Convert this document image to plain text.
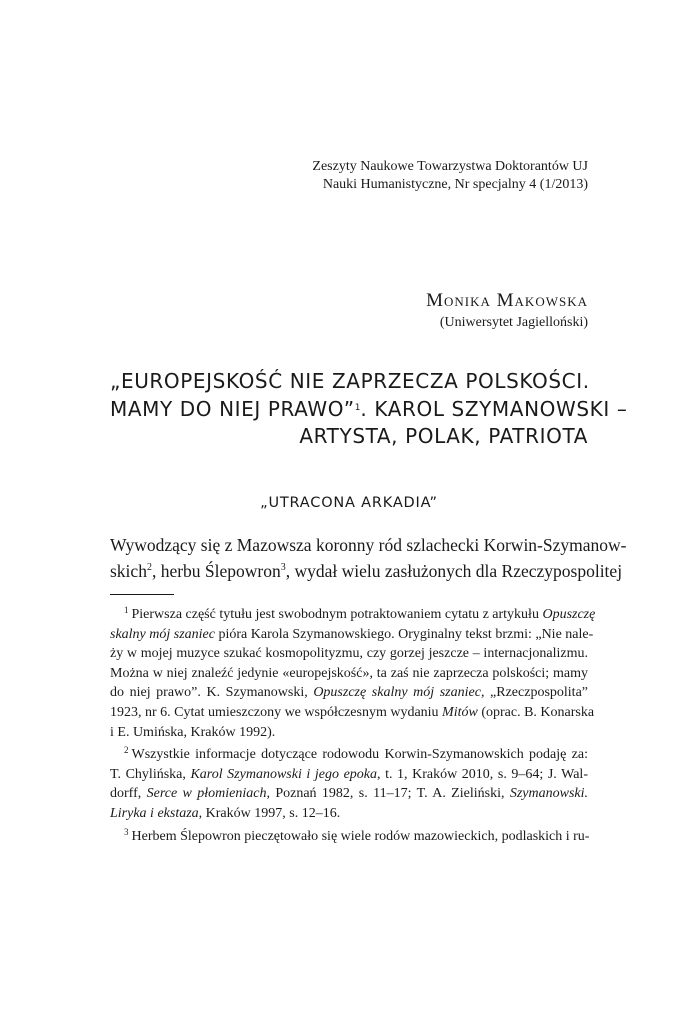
Zeszyty Naukowe Towarzystwa Doktorantów UJ
Nauki Humanistyczne, Nr specjalny 4 (1/2013)
Monika Makowska
(Uniwersytet Jagielloński)
„EUROPEJSKOŚĆ NIE ZAPRZECZA POLSKOŚCI.
MAMY DO NIEJ PRAWO”$^1$. KAROL SZYMANOWSKI –
ARTYSTA, POLAK, PATRIOTA
„UTRACONA ARKADIA”
Wywodzący się z Mazowsza koronny ród szlachecki Korwin-Szymanow-
skich$^2$, herbu Ślepowron$^3$, wydał wielu zasłużonych dla Rzeczypospolitej
$^1$ Pierwsza część tytułu jest swobodnym potraktowaniem cytatu z artykułu Opuszczę
skalny mój szaniec pióra Karola Szymanowskiego. Oryginalny tekst brzmi: „Nie nale-
ży w mojej muzyce szukać kosmopolityzmu, czy gorzej jeszcze – internacjonalizmu.
Można w niej znaleźć jedynie «europejskość», ta zaś nie zaprzecza polskości; mamy
do niej prawo”. K. Szymanowski, Opuszczę skalny mój szaniec, „Rzeczpospolita”
1923, nr 6. Cytat umieszczony we współczesnym wydaniu Mitów (oprac. B. Konarska
i E. Umińska, Kraków 1992).
$^2$ Wszystkie informacje dotyczące rodowodu Korwin-Szymanowskich podaję za:
T. Chylińska, Karol Szymanowski i jego epoka, t. 1, Kraków 2010, s. 9–64; J. Wal-
dorff, Serce w płomieniach, Poznań 1982, s. 11–17; T. A. Zieliński, Szymanowski.
Liryka i ekstaza, Kraków 1997, s. 12–16.
$^3$ Herbem Ślepowron pieczętowało się wiele rodów mazowieckich, podlaskich i ru-
